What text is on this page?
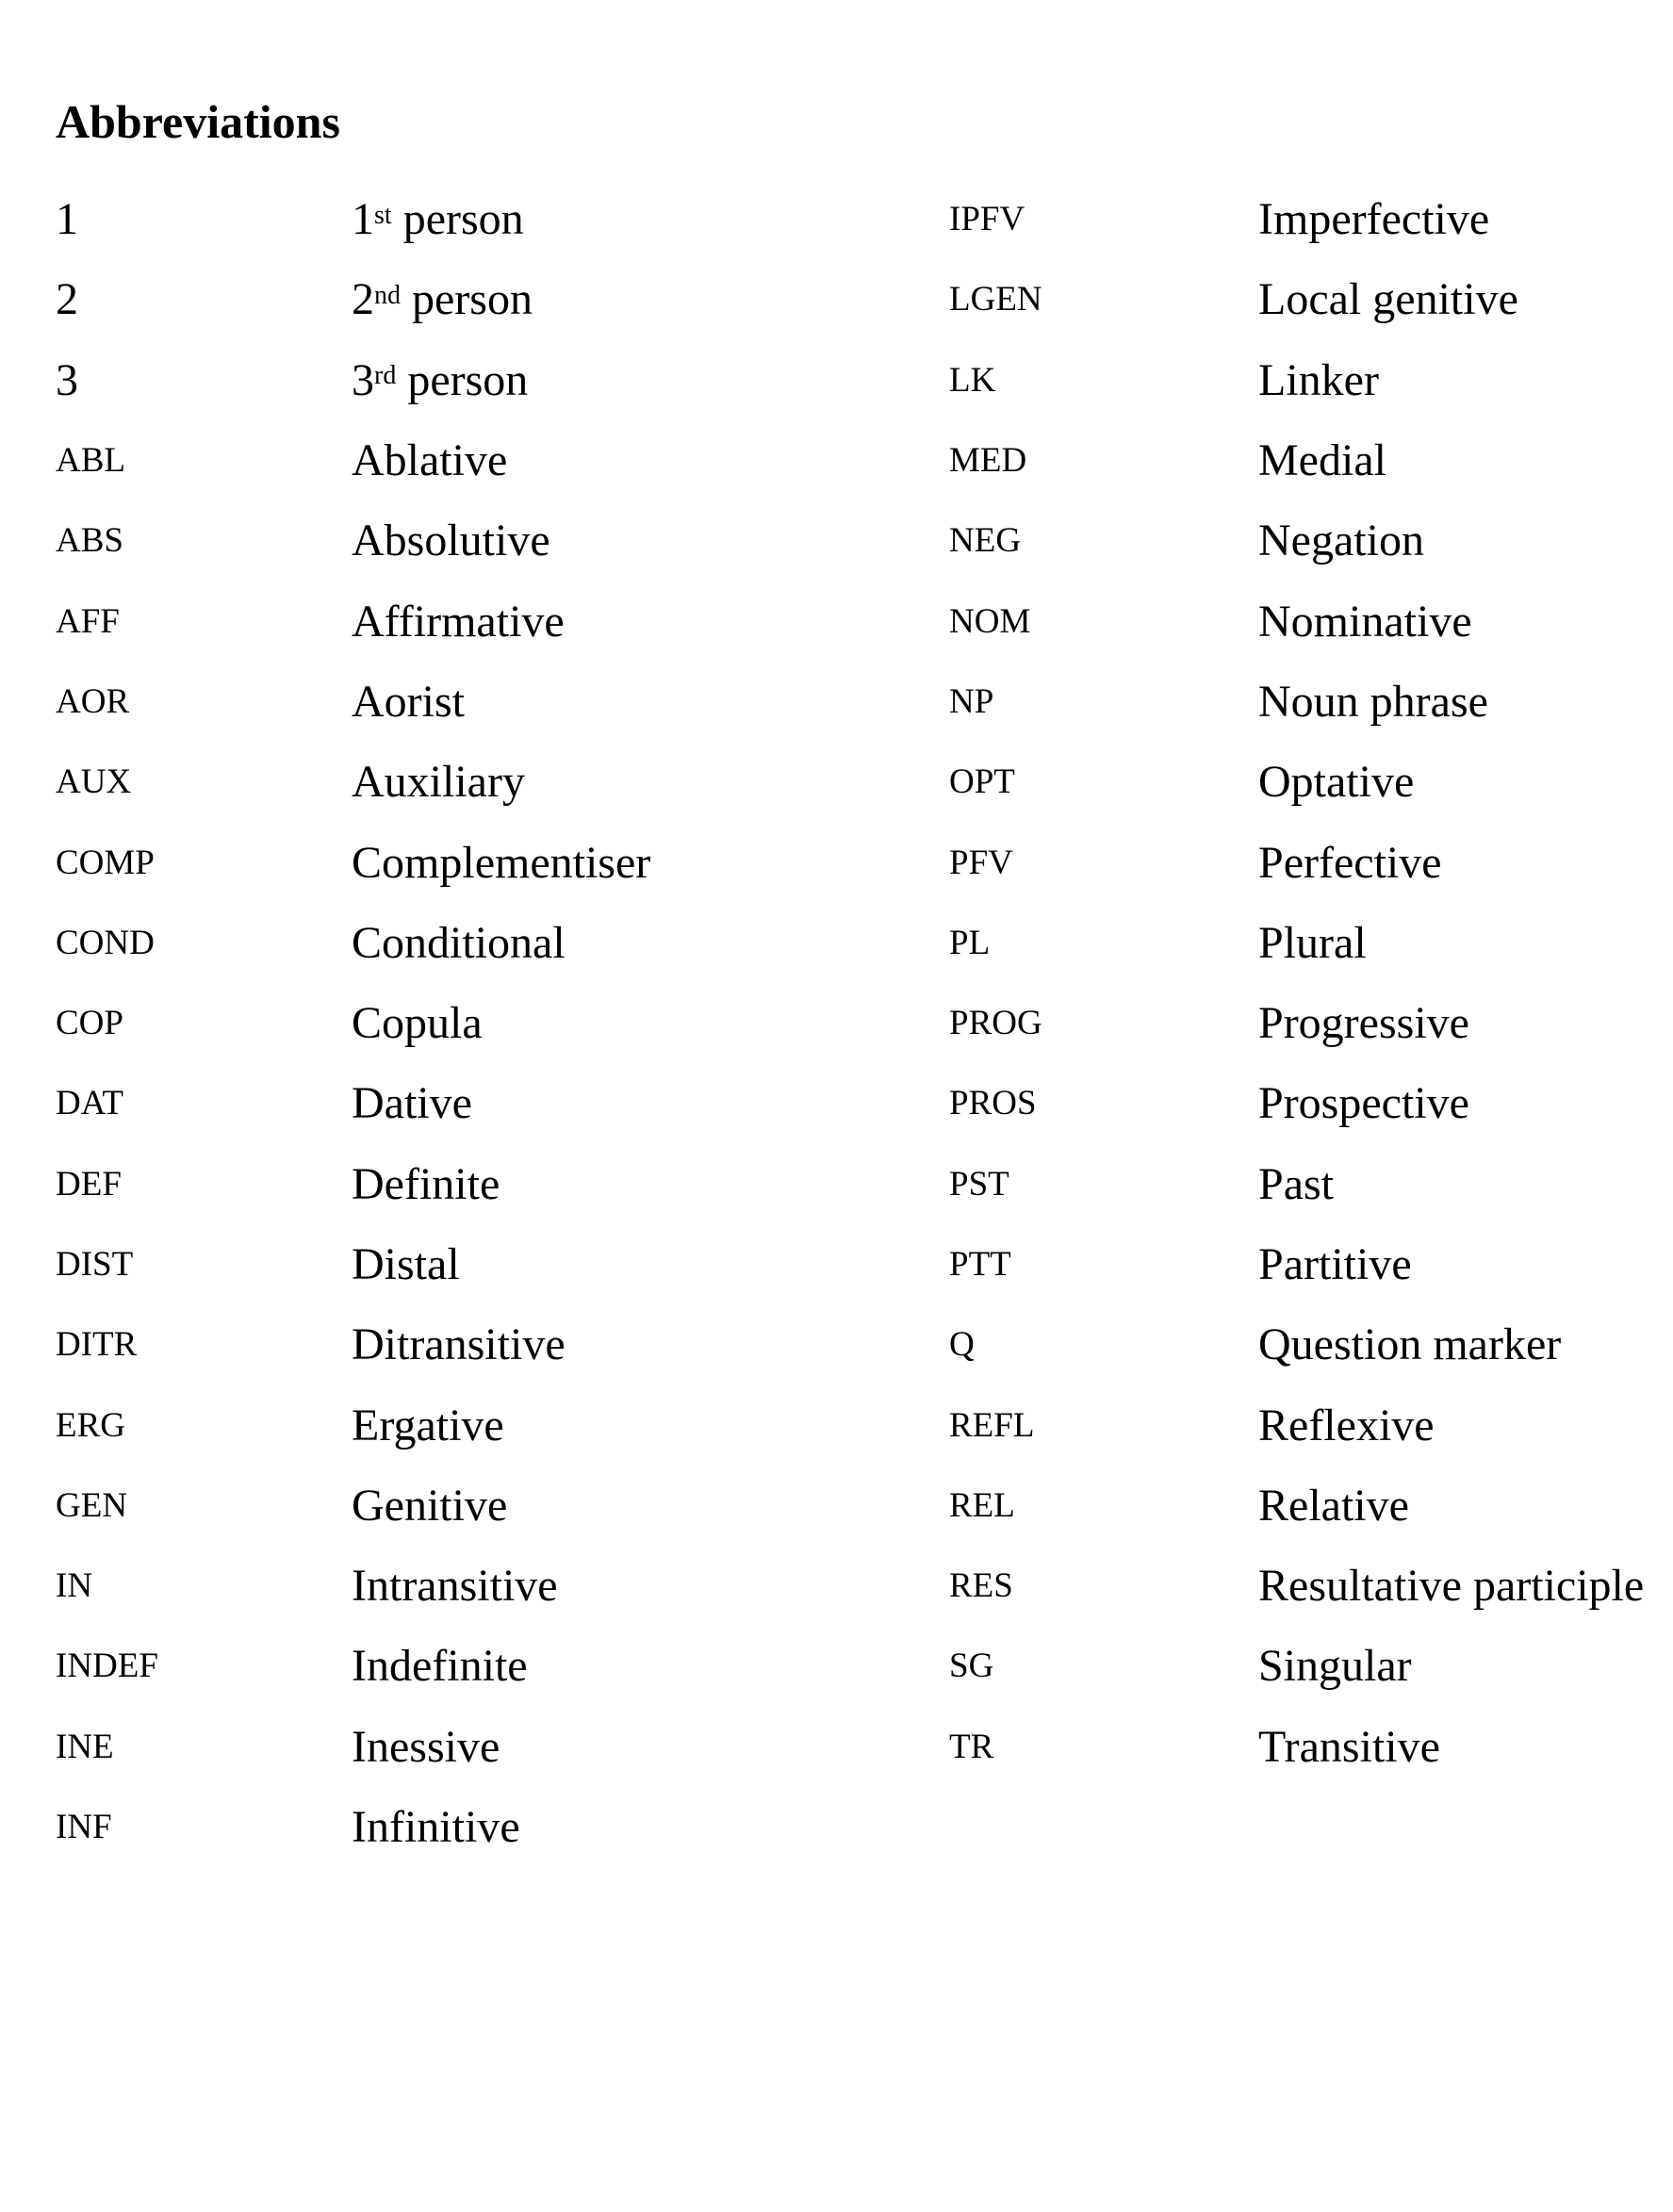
Abbreviations
1	1st person
2	2nd person
3	3rd person
ABL	Ablative
ABS	Absolutive
AFF	Affirmative
AOR	Aorist
AUX	Auxiliary
COMP	Complementiser
COND	Conditional
COP	Copula
DAT	Dative
DEF	Definite
DIST	Distal
DITR	Ditransitive
ERG	Ergative
GEN	Genitive
IN	Intransitive
INDEF	Indefinite
INE	Inessive
INF	Infinitive
IPFV	Imperfective
LGEN	Local genitive
LK	Linker
MED	Medial
NEG	Negation
NOM	Nominative
NP	Noun phrase
OPT	Optative
PFV	Perfective
PL	Plural
PROG	Progressive
PROS	Prospective
PST	Past
PTT	Partitive
Q	Question marker
REFL	Reflexive
REL	Relative
RES	Resultative participle
SG	Singular
TR	Transitive
